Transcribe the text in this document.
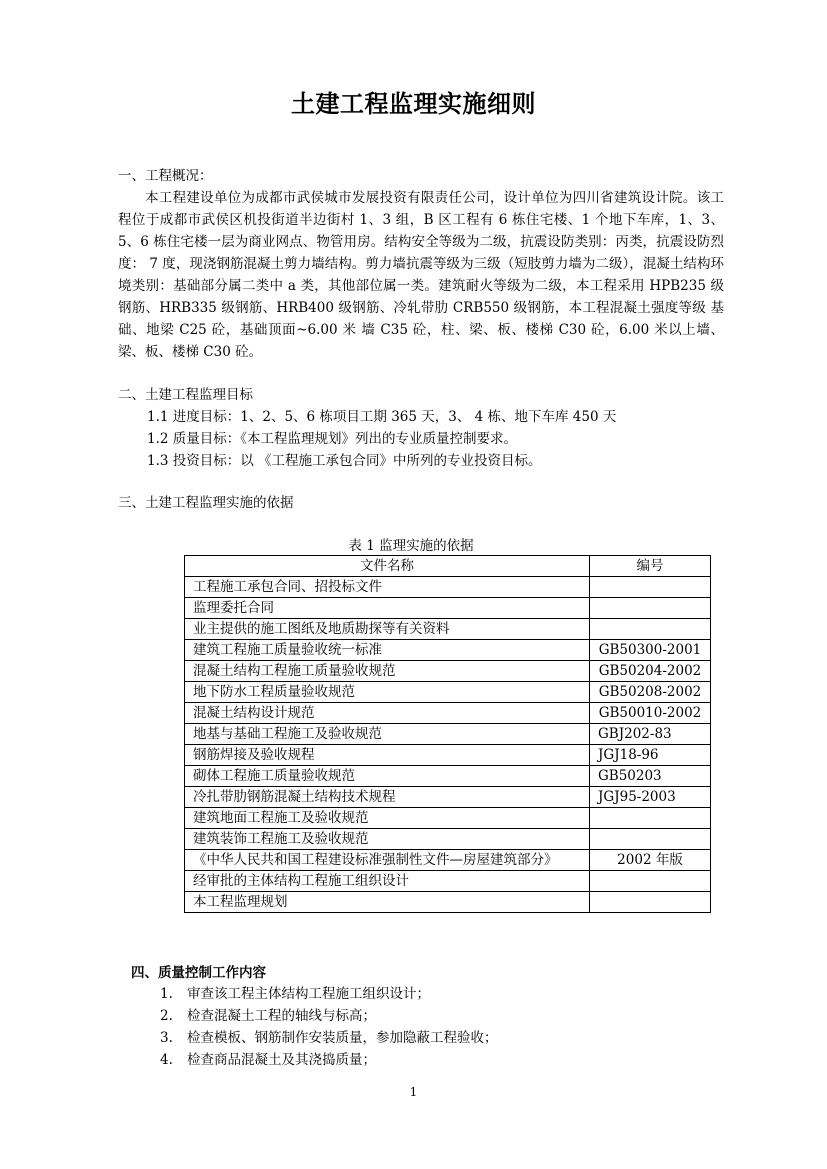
土建工程监理实施细则
一、工程概况：
本工程建设单位为成都市武侯城市发展投资有限责任公司，设计单位为四川省建筑设计院。该工程位于成都市武侯区机投街道半边街村 1、3 组，B 区工程有 6 栋住宅楼、1 个地下车库，1、3、5、6 栋住宅楼一层为商业网点、物管用房。结构安全等级为二级，抗震设防类别：丙类，抗震设防烈度： 7 度，现浇钢筋混凝土剪力墙结构。剪力墙抗震等级为三级（短肢剪力墙为二级），混凝土结构环境类别：基础部分属二类中 a 类，其他部位属一类。建筑耐火等级为二级，本工程采用 HPB235 级钢筋、HRB335 级钢筋、HRB400 级钢筋、冷轧带肋 CRB550 级钢筋，本工程混凝土强度等级 基础、地梁 C25 砼，基础顶面~6.00 米 墙 C35 砼，柱、梁、板、楼梯 C30 砼，6.00 米以上墙、梁、板、楼梯 C30 砼。
二、土建工程监理目标
1.1 进度目标：1、2、5、6 栋项目工期 365 天，3、 4 栋、地下车库 450 天
1.2 质量目标：《本工程监理规划》列出的专业质量控制要求。
1.3 投资目标：以 《工程施工承包合同》中所列的专业投资目标。
三、土建工程监理实施的依据
表 1 监理实施的依据
文件名称	编号
工程施工承包合同、招投标文件	
监理委托合同	
业主提供的施工图纸及地质勘探等有关资料	
建筑工程施工质量验收统一标准	GB50300-2001
混凝土结构工程施工质量验收规范	GB50204-2002
地下防水工程质量验收规范	GB50208-2002
混凝土结构设计规范	GB50010-2002
地基与基础工程施工及验收规范	GBJ202-83
钢筋焊接及验收规程	JGJ18-96
砌体工程施工质量验收规范	GB50203
冷扎带肋钢筋混凝土结构技术规程	JGJ95-2003
建筑地面工程施工及验收规范	
建筑装饰工程施工及验收规范	
《中华人民共和国工程建设标准强制性文件—房屋建筑部分》	2002 年版
经审批的主体结构工程施工组织设计	
本工程监理规划	
四、质量控制工作内容
1.	审查该工程主体结构工程施工组织设计；
2.	检查混凝土工程的轴线与标高；
3.	检查模板、钢筋制作安装质量，参加隐蔽工程验收；
4.	检查商品混凝土及其浇捣质量；
1
